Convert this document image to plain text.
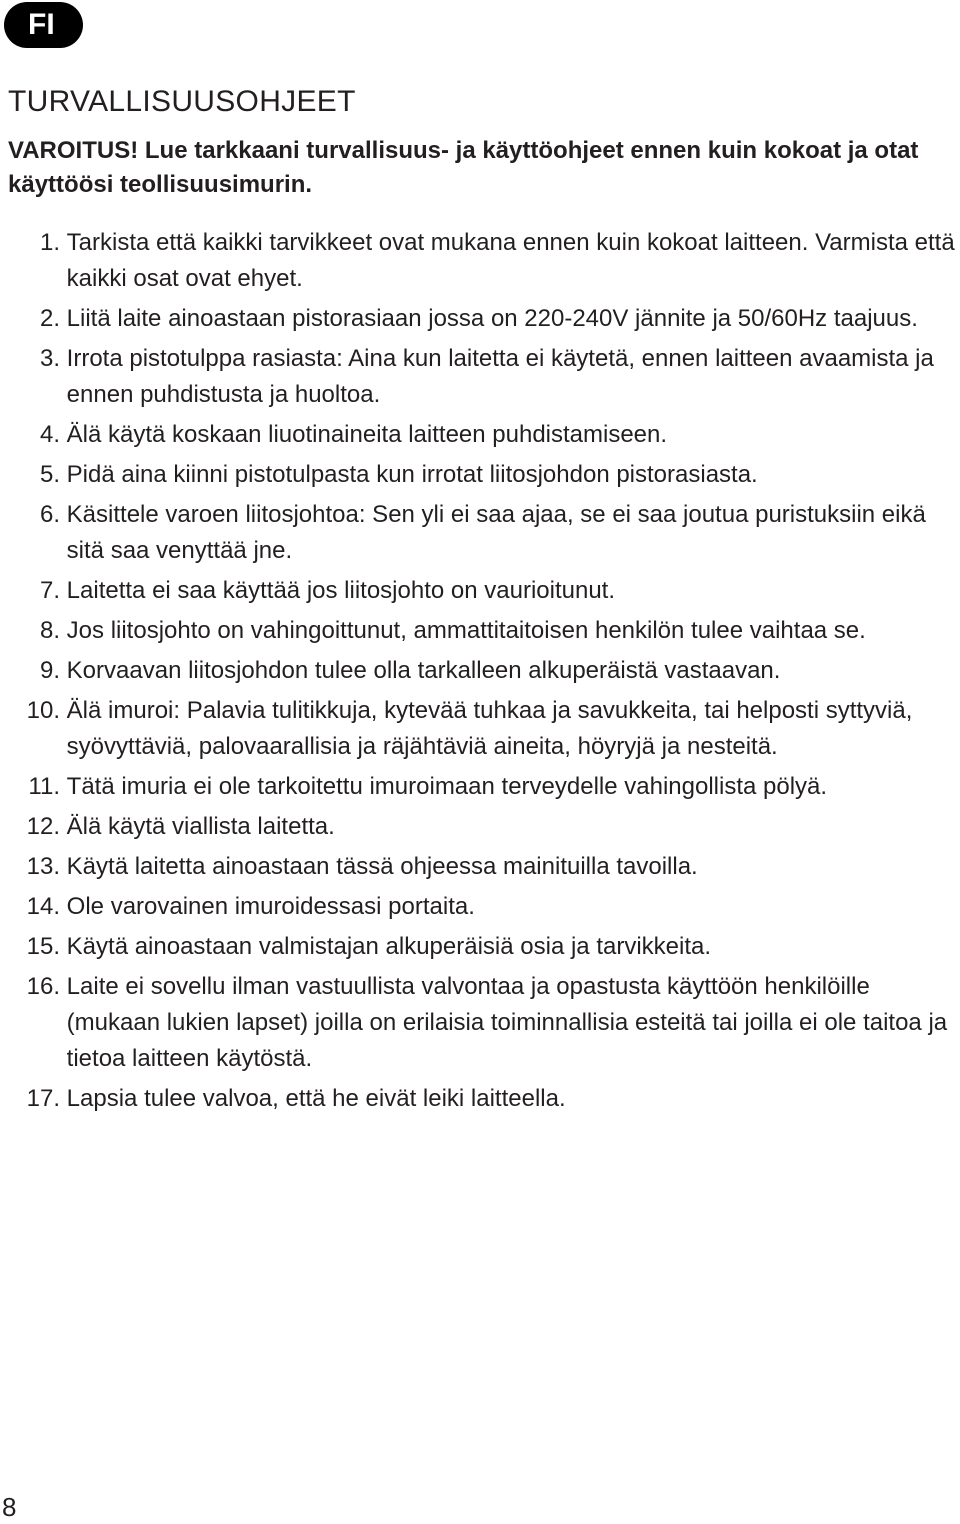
FI
TURVALLISUUSOHJEET

VAROITUS! Lue tarkkaani turvallisuus- ja käyttöohjeet ennen kuin kokoat ja otat käyttöösi teollisuusimurin.

1.
Tarkista että kaikki tarvikkeet ovat mukana ennen kuin kokoat laitteen. Varmista että kaikki osat ovat ehyet.
2.
Liitä laite ainoastaan pistorasiaan jossa on 220-240V jännite ja 50/60Hz taajuus.
3.
Irrota pistotulppa rasiasta: Aina kun laitetta ei käytetä, ennen laitteen avaamista ja ennen puhdistusta ja huoltoa.
4.
Älä käytä koskaan liuotinaineita laitteen puhdistamiseen.
5.
Pidä aina kiinni pistotulpasta kun irrotat liitosjohdon pistorasiasta.
6.
Käsittele varoen liitosjohtoa: Sen yli ei saa ajaa, se ei saa joutua puristuksiin eikä sitä saa venyttää jne.
7.
Laitetta ei saa käyttää jos liitosjohto on vaurioitunut.
8.
Jos liitosjohto on vahingoittunut, ammattitaitoisen henkilön tulee vaihtaa se.
9.
Korvaavan liitosjohdon tulee olla tarkalleen alkuperäistä vastaavan.
10.
Älä imuroi: Palavia tulitikkuja, kytevää tuhkaa ja savukkeita, tai helposti syttyviä, syövyttäviä, palovaarallisia ja räjähtäviä aineita, höyryjä ja nesteitä.
11.
Tätä imuria ei ole tarkoitettu imuroimaan terveydelle vahingollista pölyä.
12.
Älä käytä viallista laitetta.
13.
Käytä laitetta ainoastaan tässä ohjeessa mainituilla tavoilla.
14.
Ole varovainen imuroidessasi portaita.
15.
Käytä ainoastaan valmistajan alkuperäisiä osia ja tarvikkeita.
16.
Laite ei sovellu ilman vastuullista valvontaa ja opastusta käyttöön henkilöille (mukaan lukien lapset) joilla on erilaisia toiminnallisia esteitä tai joilla ei ole taitoa ja tietoa laitteen käytöstä.
17.
Lapsia tulee valvoa, että he eivät leiki laitteella.
8
